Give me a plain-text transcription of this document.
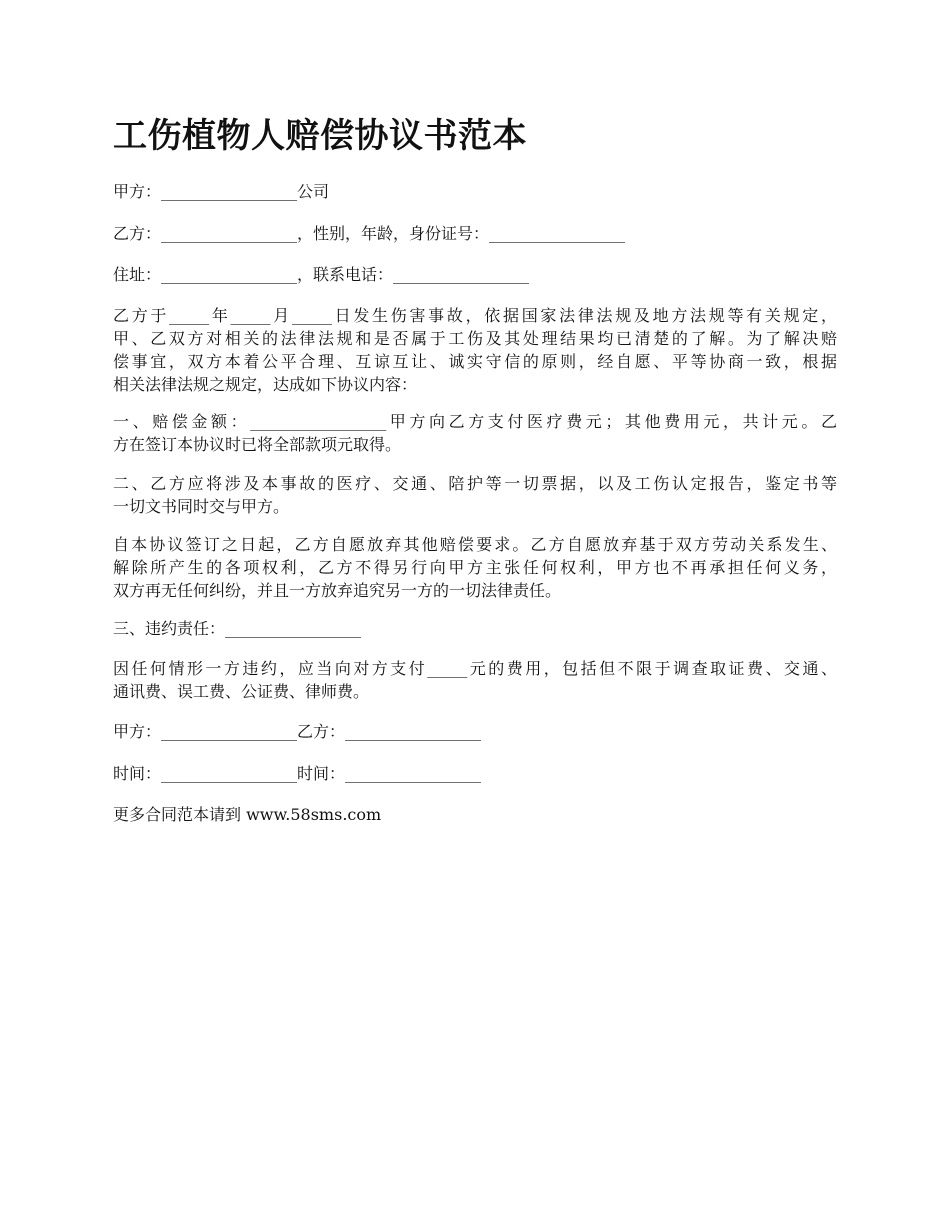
工伤植物人赔偿协议书范本

甲方：_________________公司

乙方：_________________，性别，年龄，身份证号：_________________

住址：_________________，联系电话：_________________

乙方于_____年_____月_____日发生伤害事故，依据国家法律法规及地方法规等有关规定，
甲、乙双方对相关的法律法规和是否属于工伤及其处理结果均已清楚的了解。为了解决赔
偿事宜，双方本着公平合理、互谅互让、诚实守信的原则，经自愿、平等协商一致，根据
相关法律法规之规定，达成如下协议内容：
一、赔偿金额：_________________甲方向乙方支付医疗费元；其他费用元，共计元。乙
方在签订本协议时已将全部款项元取得。
二、乙方应将涉及本事故的医疗、交通、陪护等一切票据，以及工伤认定报告，鉴定书等
一切文书同时交与甲方。
自本协议签订之日起，乙方自愿放弃其他赔偿要求。乙方自愿放弃基于双方劳动关系发生、
解除所产生的各项权利，乙方不得另行向甲方主张任何权利，甲方也不再承担任何义务，
双方再无任何纠纷，并且一方放弃追究另一方的一切法律责任。

三、违约责任：_________________

因任何情形一方违约，应当向对方支付_____元的费用，包括但不限于调查取证费、交通、
通讯费、误工费、公证费、律师费。

甲方：_________________乙方：_________________

时间：_________________时间：_________________

更多合同范本请到 www.58sms.com
